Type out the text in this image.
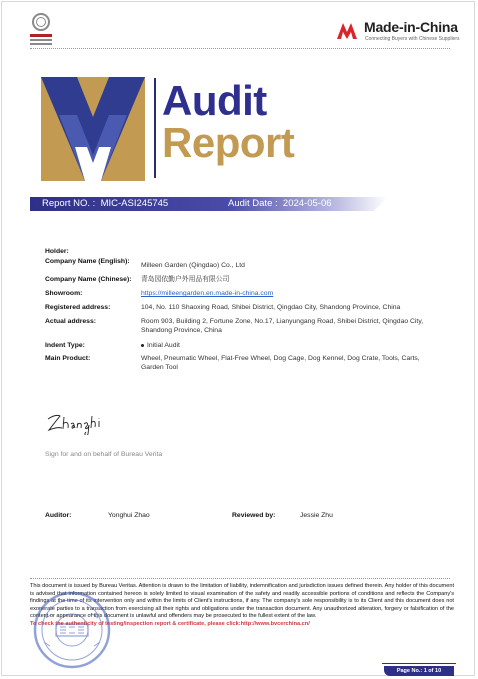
Made-in-China
Connecting Buyers with Chinese Suppliers
Audit
Report
Report NO. : MIC-ASI245745	Audit Date : 2024-05-06
Holder:
Company Name (English):
Milleen Garden (Qingdao) Co., Ltd
Company Name (Chinese): 青岛园依勤户外用品有限公司
Showroom:	https://milleengarden.en.made-in-china.com
Registered address:	104, No. 110 Shaoxing Road, Shibei District, Qingdao City, Shandong Province, China
Actual address:	Room 903, Building 2, Fortune Zone, No.17, Lianyungang Road, Shibei District, Qingdao City, Shandong Province, China
Indent Type:	Initial Audit
Main Product:	Wheel, Pneumatic Wheel, Flat-Free Wheel, Dog Cage, Dog Kennel, Dog Crate, Tools, Carts, Garden Tool
Sign for and on behalf of Bureau Verita
Auditor:	Yonghui Zhao	Reviewed by:	Jessie Zhu
This document is issued by Bureau Veritas. Attention is drawn to the limitation of liability, indemnification and jurisdiction issues defined therein. Any holder of this document is advised that information contained hereon is solely limited to visual examination of the safety and readily accessible portions of conditions and reflects the Company's findings at the time of its intervention only and within the limits of Client's instructions, if any. The company's sole responsibility is to its Client and this document does not exonerate parties to a transaction from exercising all their rights and obligations under the transaction document. Any unauthorized alteration, forgery or falsification of the content or appearance of this document is unlawful and offenders may be prosecuted to the fullest extent of the law.
To check the authenticity of testing/inspection report & certificate, please click:http://www.bvcerchina.cn/
Page No.: 1 of 10
